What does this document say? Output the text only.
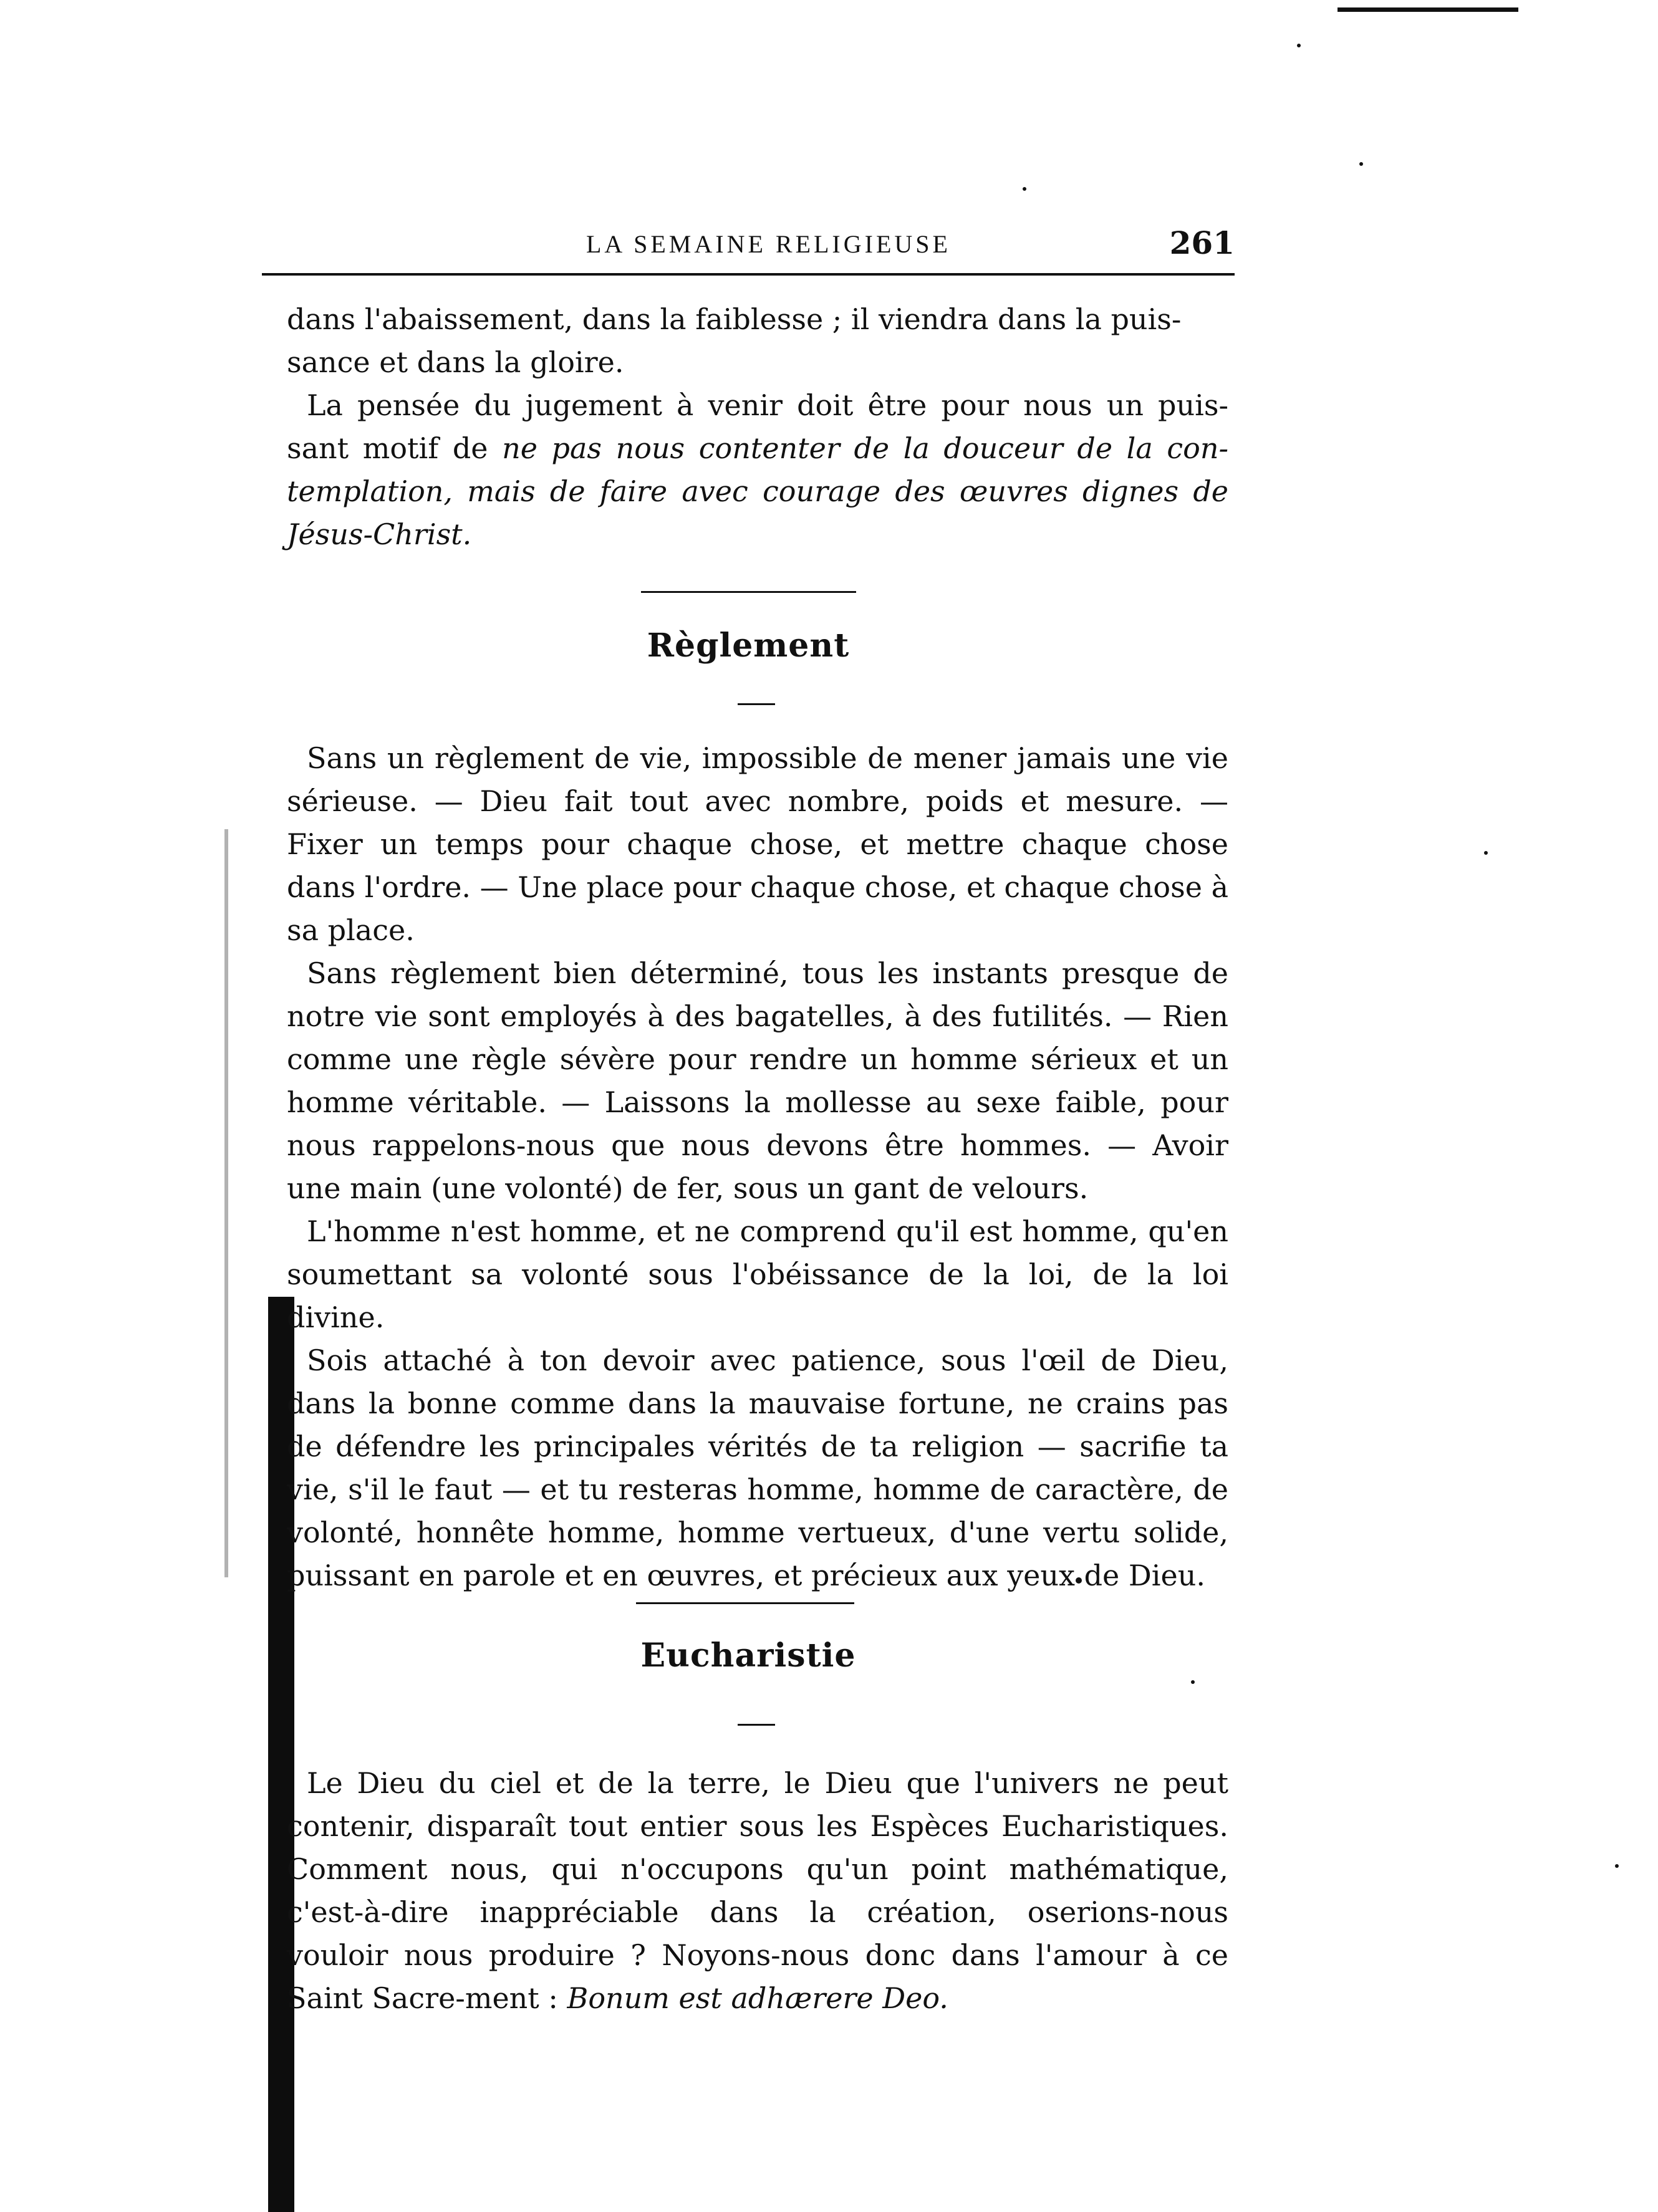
LA SEMAINE RELIGIEUSE	261

dans l'abaissement, dans la faiblesse ; il viendra dans la puis-

sance et dans la gloire.

La pensée du jugement à venir doit être pour nous un puis-sant motif de ne pas nous contenter de la douceur de la con-templation, mais de faire avec courage des œuvres dignes de Jésus-Christ.

Règlement

Sans un règlement de vie, impossible de mener jamais une vie sérieuse. — Dieu fait tout avec nombre, poids et mesure. — Fixer un temps pour chaque chose, et mettre chaque chose dans l'ordre. — Une place pour chaque chose, et chaque chose à sa place.

Sans règlement bien déterminé, tous les instants presque de notre vie sont employés à des bagatelles, à des futilités. — Rien comme une règle sévère pour rendre un homme sérieux et un homme véritable. — Laissons la mollesse au sexe faible, pour nous rappelons-nous que nous devons être hommes. — Avoir une main (une volonté) de fer, sous un gant de velours.

L'homme n'est homme, et ne comprend qu'il est homme, qu'en soumettant sa volonté sous l'obéissance de la loi, de la loi divine.

Sois attaché à ton devoir avec patience, sous l'œil de Dieu, dans la bonne comme dans la mauvaise fortune, ne crains pas de défendre les principales vérités de ta religion — sacrifie ta vie, s'il le faut — et tu resteras homme, homme de caractère, de volonté, honnête homme, homme vertueux, d'une vertu solide, puissant en parole et en œuvres, et précieux aux yeux de Dieu.

Eucharistie

Le Dieu du ciel et de la terre, le Dieu que l'univers ne peut contenir, disparaît tout entier sous les Espèces Eucharistiques. Comment nous, qui n'occupons qu'un point mathématique, c'est-à-dire inappréciable dans la création, oserions-nous vouloir nous produire ? Noyons-nous donc dans l'amour à ce Saint Sacre-ment : Bonum est adhærere Deo.
